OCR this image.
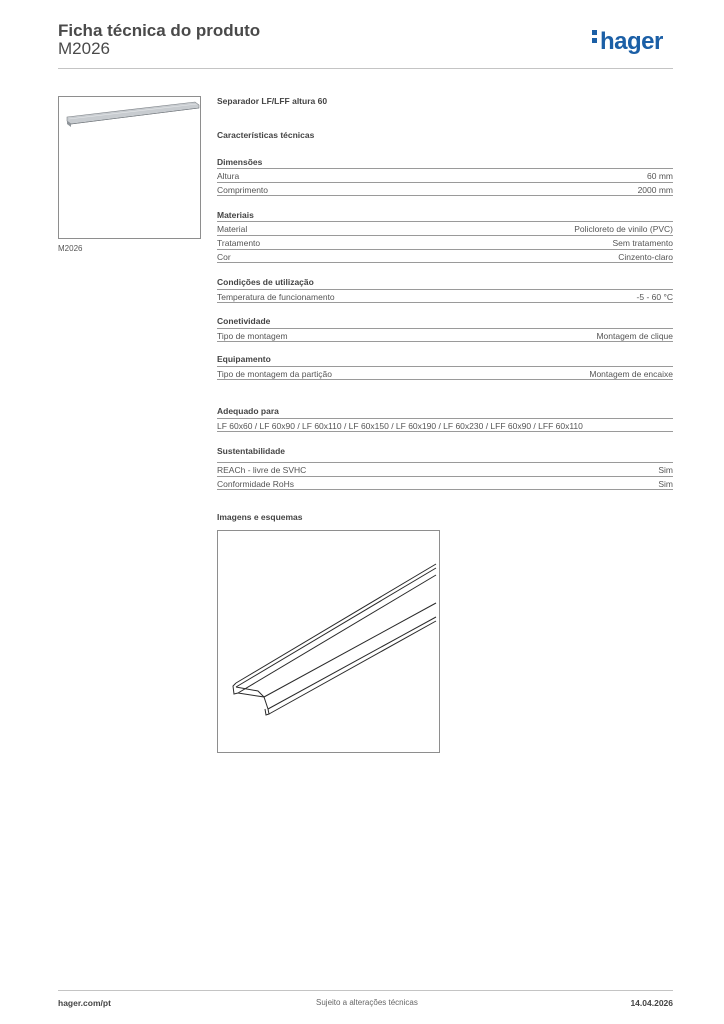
Ficha técnica do produto
M2026	hager
M2026
Separador LF/LFF altura 60
Características técnicas
Dimensões
Altura	60 mm
Comprimento	2000 mm
Materiais
Material	Policloreto de vinilo (PVC)
Tratamento	Sem tratamento
Cor	Cinzento-claro
Condições de utilização
Temperatura de funcionamento	-5 - 60 °C
Conetividade
Tipo de montagem	Montagem de clique
Equipamento
Tipo de montagem da partição	Montagem de encaixe
Adequado para
LF 60x60 / LF 60x90 / LF 60x110 / LF 60x150 / LF 60x190 / LF 60x230 / LFF 60x90 / LFF 60x110
Sustentabilidade
REACh - livre de SVHC	Sim
Conformidade RoHs	Sim
Imagens e esquemas
hager.com/pt	Sujeito a alterações técnicas	14.04.2026
